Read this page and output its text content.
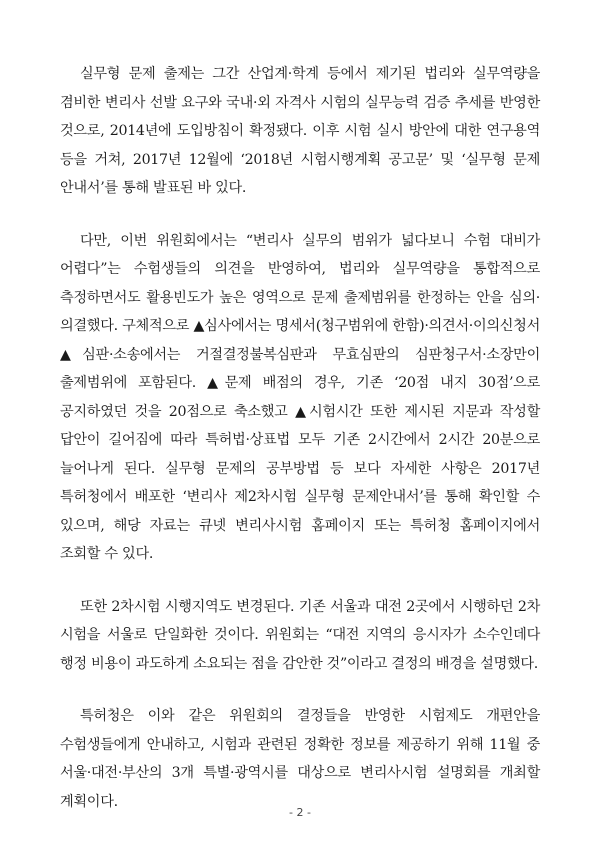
실무형 문제 출제는 그간 산업계·학계 등에서 제기된 법리와 실무역량을 겸비한 변리사 선발 요구와 국내·외 자격사 시험의 실무능력 검증 추세를 반영한 것으로, 2014년에 도입방침이 확정됐다. 이후 시험 실시 방안에 대한 연구용역 등을 거쳐, 2017년 12월에 ‘2018년 시험시행계획 공고문’ 및 ‘실무형 문제 안내서’를 통해 발표된 바 있다.

다만, 이번 위원회에서는 “변리사 실무의 범위가 넓다보니 수험 대비가 어렵다”는 수험생들의 의견을 반영하여, 법리와 실무역량을 통합적으로 측정하면서도 활용빈도가 높은 영역으로 문제 출제범위를 한정하는 안을 심의·의결했다. 구체적으로 ▲심사에서는 명세서(청구범위에 한함)·의견서·이의신청서 ▲심판·소송에서는 거절결정불복심판과 무효심판의 심판청구서·소장만이 출제범위에 포함된다. ▲문제 배점의 경우, 기존 ‘20점 내지 30점’으로 공지하였던 것을 20점으로 축소했고 ▲시험시간 또한 제시된 지문과 작성할 답안이 길어짐에 따라 특허법·상표법 모두 기존 2시간에서 2시간 20분으로 늘어나게 된다. 실무형 문제의 공부방법 등 보다 자세한 사항은 2017년 특허청에서 배포한 ‘변리사 제2차시험 실무형 문제안내서’를 통해 확인할 수 있으며, 해당 자료는 큐넷 변리사시험 홈페이지 또는 특허청 홈페이지에서 조회할 수 있다.

또한 2차시험 시행지역도 변경된다. 기존 서울과 대전 2곳에서 시행하던 2차 시험을 서울로 단일화한 것이다. 위원회는 “대전 지역의 응시자가 소수인데다 행정 비용이 과도하게 소요되는 점을 감안한 것”이라고 결정의 배경을 설명했다.

특허청은 이와 같은 위원회의 결정들을 반영한 시험제도 개편안을 수험생들에게 안내하고, 시험과 관련된 정확한 정보를 제공하기 위해 11월 중 서울·대전·부산의 3개 특별·광역시를 대상으로 변리사시험 설명회를 개최할 계획이다.

- 2 -
